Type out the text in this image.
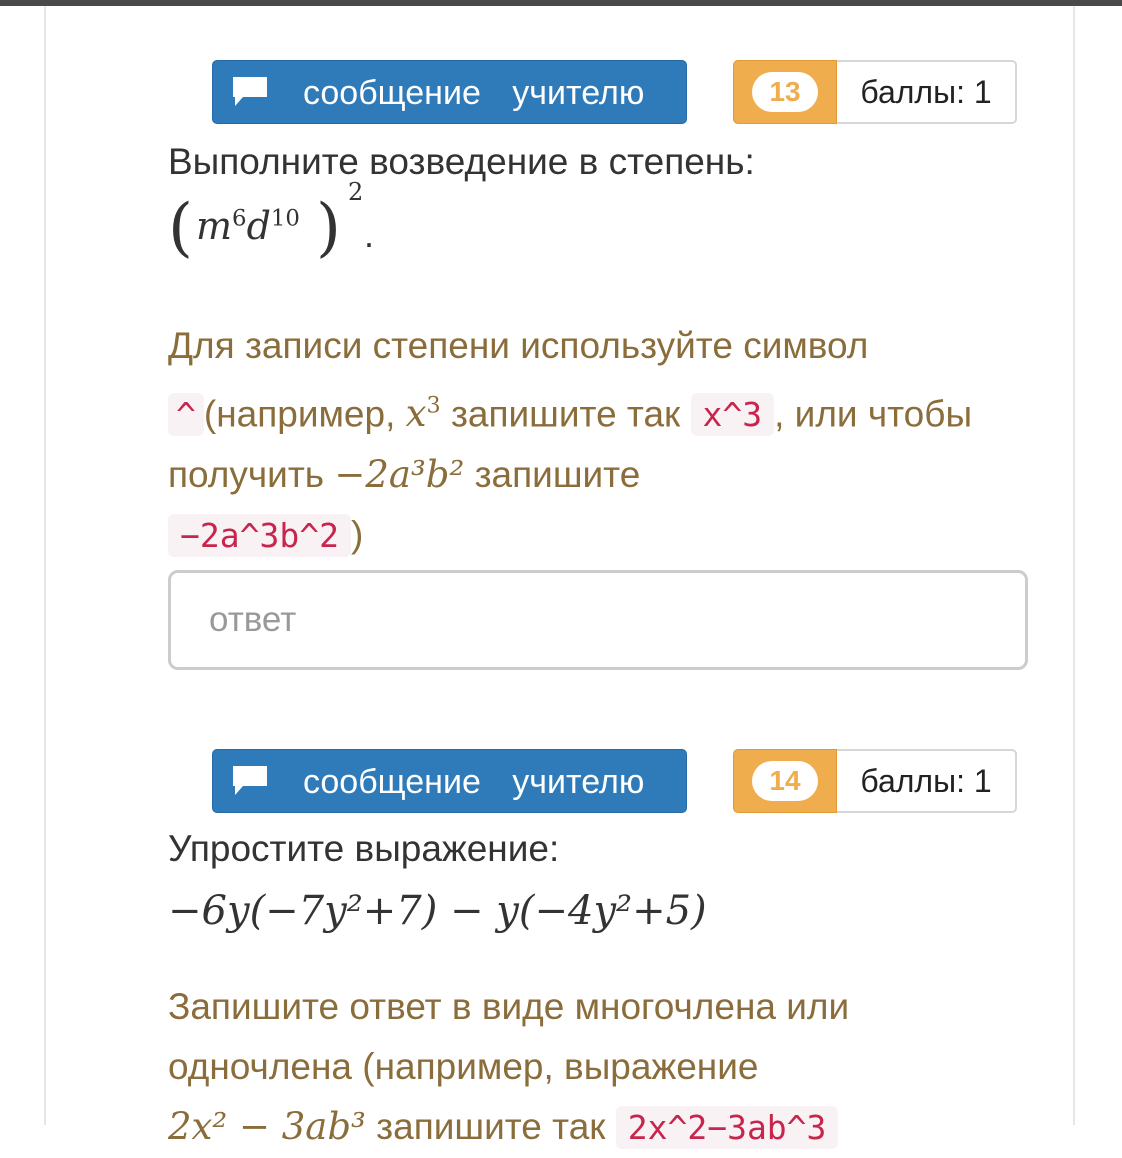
сообщение учителю	13	баллы: 1
Выполните возведение в степень:
( $m^6d^{10}$ ) 2
.
Для записи степени используйте символ
^ (например, $x^3$ запишите так x^3 , или чтобы получить −2a³b² запишите
−2a^3b^2 )
ответ
сообщение учителю	14	баллы: 1
Упростите выражение:
−6y(−7y²+7) − y(−4y²+5)
Запишите ответ в виде многочлена или одночлена (например, выражение
2x² − 3ab³ запишите так 2x^2−3ab^3
